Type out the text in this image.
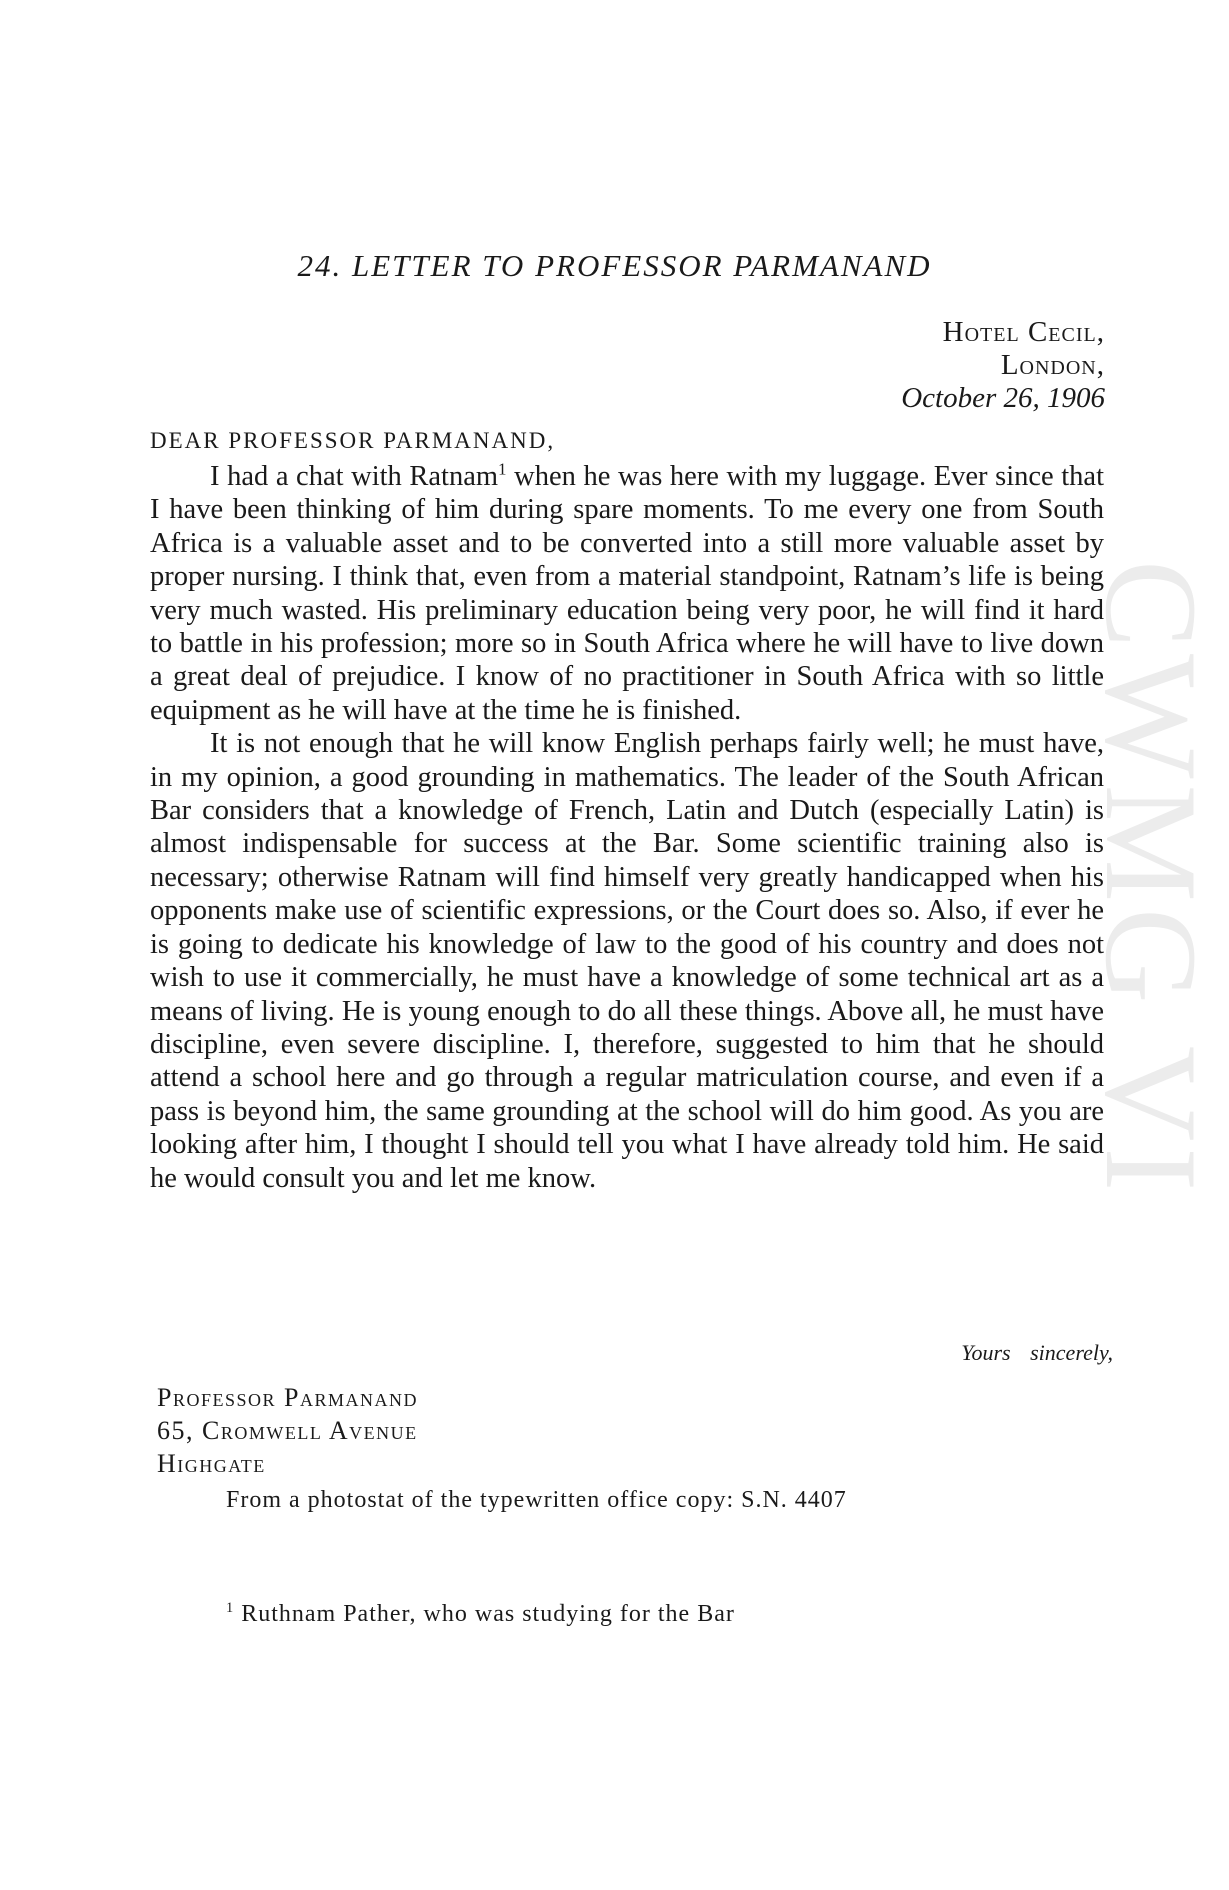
CWMG VI
24. LETTER TO PROFESSOR PARMANAND
Hotel Cecil,
London,
October 26, 1906
DEAR PROFESSOR PARMANAND,

I had a chat with Ratnam$^1$ when he was here with my luggage. Ever since that I have been thinking of him during spare moments. To me every one from South Africa is a valuable asset and to be converted into a still more valuable asset by proper nursing. I think that, even from a material standpoint, Ratnam’s life is being very much wasted. His preliminary education being very poor, he will find it hard to battle in his profession; more so in South Africa where he will have to live down a great deal of prejudice. I know of no practitioner in South Africa with so little equipment as he will have at the time he is finished.

It is not enough that he will know English perhaps fairly well; he must have, in my opinion, a good grounding in mathematics. The leader of the South African Bar considers that a knowledge of French, Latin and Dutch (especially Latin) is almost indispensable for success at the Bar. Some scientific training also is necessary; otherwise Ratnam will find himself very greatly handicapped when his opponents make use of scientific expressions, or the Court does so. Also, if ever he is going to dedicate his knowledge of law to the good of his country and does not wish to use it commercially, he must have a knowledge of some technical art as a means of living. He is young enough to do all these things. Above all, he must have discipline, even severe discipline. I, therefore, suggested to him that he should attend a school here and go through a regular matriculation course, and even if a pass is beyond him, the same grounding at the school will do him good. As you are looking after him, I thought I should tell you what I have already told him. He said he would consult you and let me know.

Yours sincerely,
Professor Parmanand
65, Cromwell Avenue
Highgate
From a photostat of the typewritten office copy: S.N. 4407
$^1$ Ruthnam Pather, who was studying for the Bar
